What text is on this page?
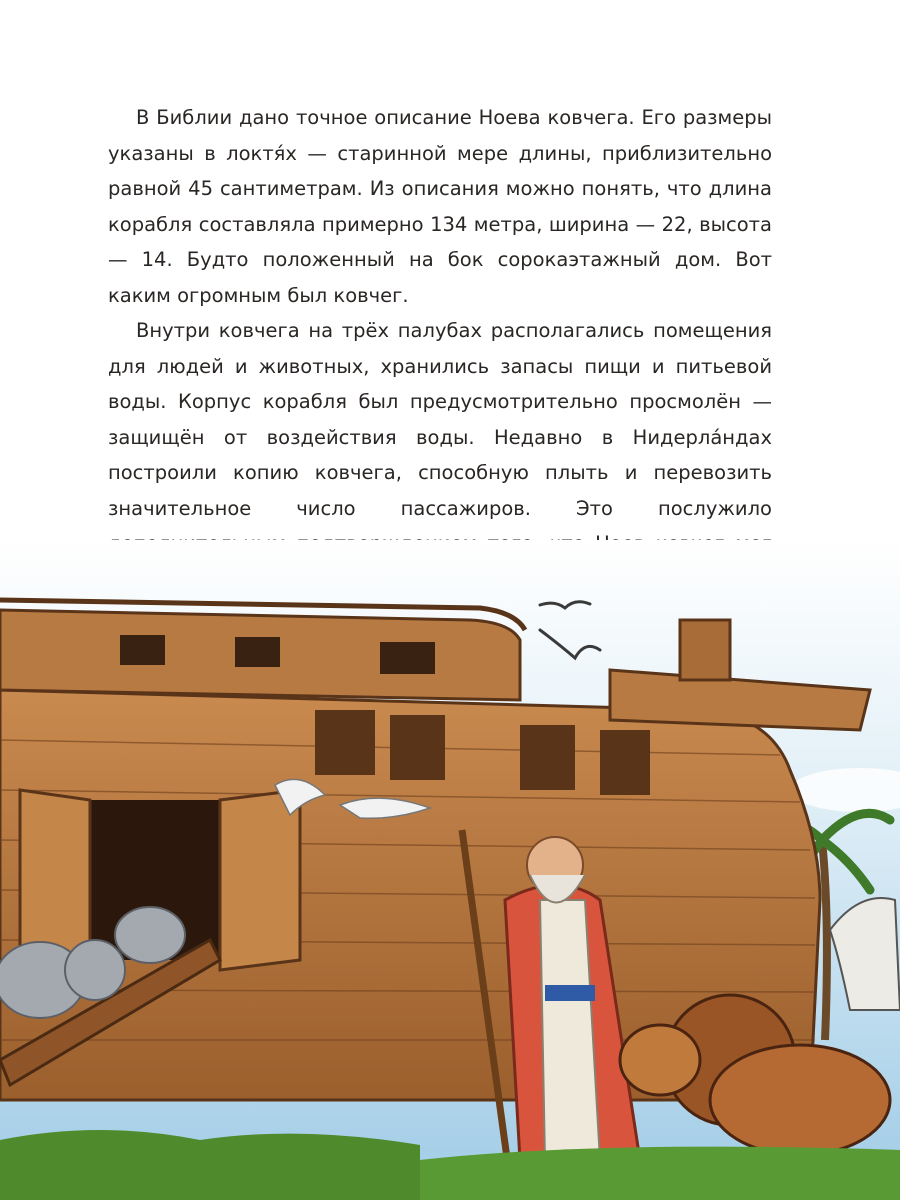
В Библии дано точное описание Ноева ковчега. Его размеры указаны в локтя́х — старинной мере длины, приблизительно равной 45 сантиметрам. Из описания можно понять, что длина корабля составляла примерно 134 метра, ширина — 22, высота — 14. Будто положенный на бок сорокаэтажный дом. Вот каким огромным был ковчег.

Внутри ковчега на трёх палубах располагались помещения для людей и животных, хранились запасы пищи и питьевой воды. Корпус корабля был предусмотрительно просмолён — защищён от воздействия воды. Недавно в Нидерла́ндах построили копию ковчега, способную плыть и перевозить значительное число пассажиров. Это послужило
